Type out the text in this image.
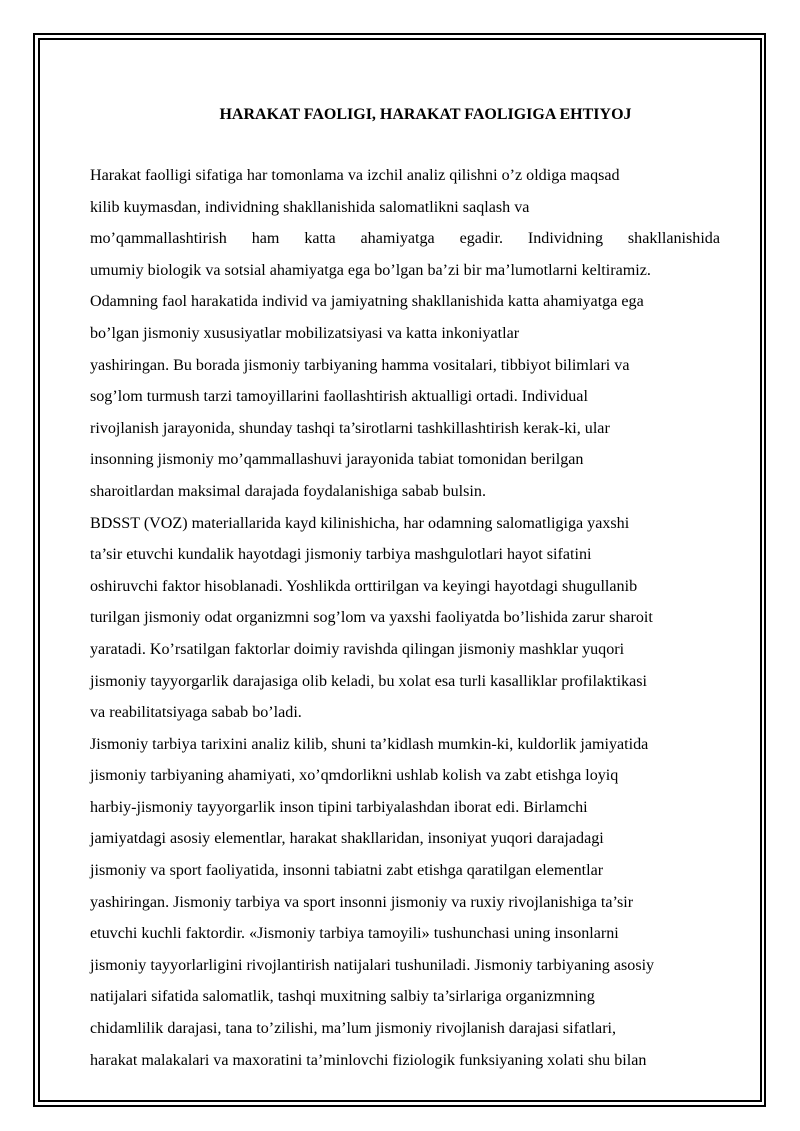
HARAKAT FAOLIGI, HARAKAT FAOLIGIGA EHTIYOJ
Harakat faolligi sifatiga har tomonlama va izchil analiz qilishni o’z oldiga maqsad
kilib kuymasdan, individning shakllanishida salomatlikni saqlash va
mo’qammallashtirish ham katta ahamiyatga egadir. Individning shakllanishida
umumiy biologik va sotsial ahamiyatga ega bo’lgan ba’zi bir ma’lumotlarni keltiramiz.
Odamning faol harakatida individ va jamiyatning shakllanishida katta ahamiyatga ega
bo’lgan jismoniy xususiyatlar mobilizatsiyasi va katta inkoniyatlar
yashiringan. Bu borada jismoniy tarbiyaning hamma vositalari, tibbiyot bilimlari va
sog’lom turmush tarzi tamoyillarini faollashtirish aktualligi ortadi. Individual
rivojlanish jarayonida, shunday tashqi ta’sirotlarni tashkillashtirish kerak-ki, ular
insonning jismoniy mo’qammallashuvi jarayonida tabiat tomonidan berilgan
sharoitlardan maksimal darajada foydalanishiga sabab bulsin.
BDSST (VOZ) materiallarida kayd kilinishicha, har odamning salomatligiga yaxshi
ta’sir etuvchi kundalik hayotdagi jismoniy tarbiya mashgulotlari hayot sifatini
oshiruvchi faktor hisoblanadi. Yoshlikda orttirilgan va keyingi hayotdagi shugullanib
turilgan jismoniy odat organizmni sog’lom va yaxshi faoliyatda bo’lishida zarur sharoit
yaratadi. Ko’rsatilgan faktorlar doimiy ravishda qilingan jismoniy mashklar yuqori
jismoniy tayyorgarlik darajasiga olib keladi, bu xolat esa turli kasalliklar profilaktikasi
va reabilitatsiyaga sabab bo’ladi.
Jismoniy tarbiya tarixini analiz kilib, shuni ta’kidlash mumkin-ki, kuldorlik jamiyatida
jismoniy tarbiyaning ahamiyati, xo’qmdorlikni ushlab kolish va zabt etishga loyiq
harbiy-jismoniy tayyorgarlik inson tipini tarbiyalashdan iborat edi. Birlamchi
jamiyatdagi asosiy elementlar, harakat shakllaridan, insoniyat yuqori darajadagi
jismoniy va sport faoliyatida, insonni tabiatni zabt etishga qaratilgan elementlar
yashiringan. Jismoniy tarbiya va sport insonni jismoniy va ruxiy rivojlanishiga ta’sir
etuvchi kuchli faktordir. «Jismoniy tarbiya tamoyili» tushunchasi uning insonlarni
jismoniy tayyorlarligini rivojlantirish natijalari tushuniladi. Jismoniy tarbiyaning asosiy
natijalari sifatida salomatlik, tashqi muxitning salbiy ta’sirlariga organizmning
chidamlilik darajasi, tana to’zilishi, ma’lum jismoniy rivojlanish darajasi sifatlari,
harakat malakalari va maxoratini ta’minlovchi fiziologik funksiyaning xolati shu bilan
